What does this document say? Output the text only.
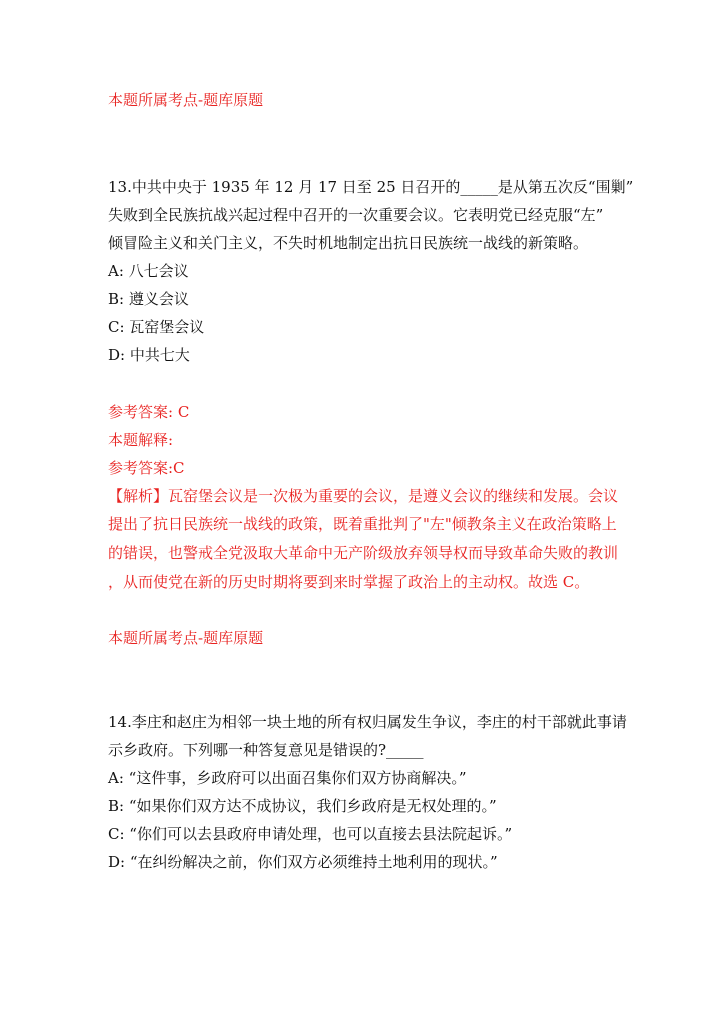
本题所属考点-题库原题
13.中共中央于 1935 年 12 月 17 日至 25 日召开的_____是从第五次反“围剿”
失败到全民族抗战兴起过程中召开的一次重要会议。它表明党已经克服“左”
倾冒险主义和关门主义，不失时机地制定出抗日民族统一战线的新策略。
A: 八七会议
B: 遵义会议
C: 瓦窑堡会议
D: 中共七大
参考答案: C
本题解释:
参考答案:C
【解析】瓦窑堡会议是一次极为重要的会议，是遵义会议的继续和发展。会议
提出了抗日民族统一战线的政策，既着重批判了"左"倾教条主义在政治策略上
的错误，也警戒全党汲取大革命中无产阶级放弃领导权而导致革命失败的教训
，从而使党在新的历史时期将要到来时掌握了政治上的主动权。故选 C。
本题所属考点-题库原题
14.李庄和赵庄为相邻一块土地的所有权归属发生争议，李庄的村干部就此事请
示乡政府。下列哪一种答复意见是错误的?_____
A: “这件事，乡政府可以出面召集你们双方协商解决。”
B: “如果你们双方达不成协议，我们乡政府是无权处理的。”
C: “你们可以去县政府申请处理，也可以直接去县法院起诉。”
D: “在纠纷解决之前，你们双方必须维持土地利用的现状。”
